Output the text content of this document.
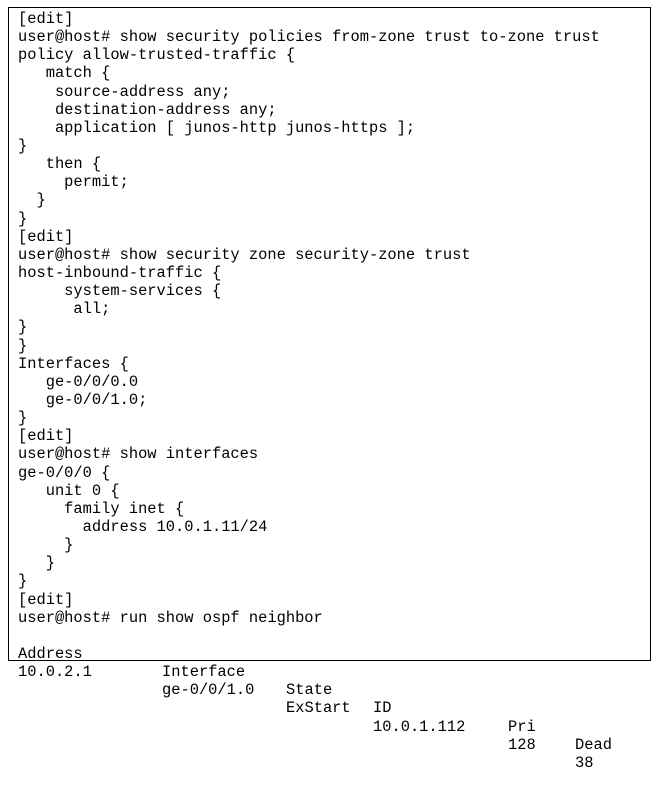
[edit]
user@host# show security policies from-zone trust to-zone trust
policy allow-trusted-traffic {
match {
source-address any;
destination-address any;
application [ junos-http junos-https ];
}
then {
permit;
}
}
[edit]
user@host# show security zone security-zone trust
host-inbound-traffic {
system-services {
all;
}
}
Interfaces {
ge-0/0/0.0
ge-0/0/1.0;
}
[edit]
user@host# show interfaces
ge-0/0/0 {
unit 0 {
family inet {
address 10.0.1.11/24
}
}
}
[edit]
user@host# run show ospf neighbor

Address

Interface

State

ID

Pri

Dead

10.0.2.1

ge-0/0/1.0

ExStart

10.0.1.112

128

38
